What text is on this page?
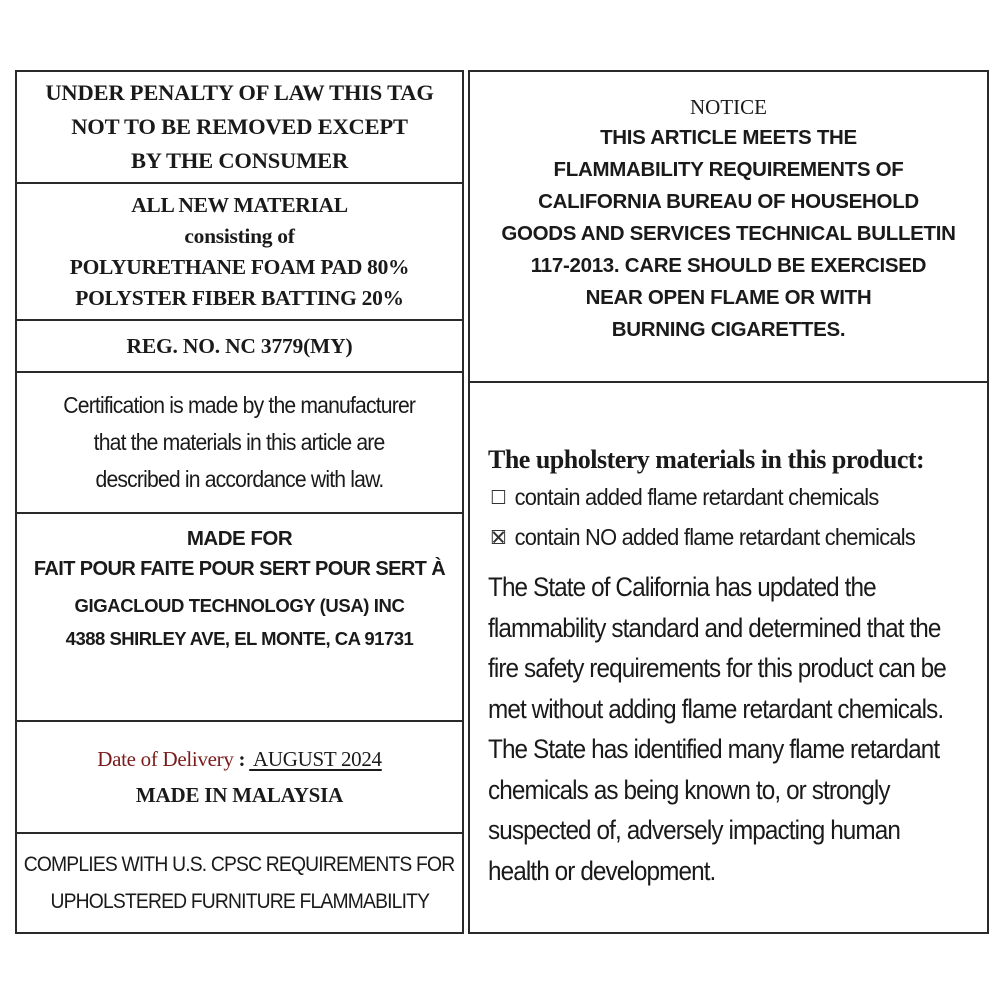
UNDER PENALTY OF LAW THIS TAG
NOT TO BE REMOVED EXCEPT
BY THE CONSUMER
ALL NEW MATERIAL
consisting of
POLYURETHANE FOAM PAD 80%
POLYSTER FIBER BATTING 20%
REG. NO. NC 3779(MY)
Certification is made by the manufacturer
that the materials in this article are
described in accordance with law.
MADE FOR
FAIT POUR FAITE POUR SERT POUR SERT À
GIGACLOUD TECHNOLOGY (USA) INC
4388 SHIRLEY AVE, EL MONTE, CA 91731
Date of Delivery : AUGUST 2024
MADE IN MALAYSIA
COMPLIES WITH U.S. CPSC REQUIREMENTS FOR
UPHOLSTERED FURNITURE FLAMMABILITY
NOTICE
THIS ARTICLE MEETS THE
FLAMMABILITY REQUIREMENTS OF
CALIFORNIA BUREAU OF HOUSEHOLD
GOODS AND SERVICES TECHNICAL BULLETIN
117-2013. CARE SHOULD BE EXERCISED
NEAR OPEN FLAME OR WITH
BURNING CIGARETTES.
The upholstery materials in this product:
contain added flame retardant chemicals
contain NO added flame retardant chemicals
The State of California has updated the
flammability standard and determined that the
fire safety requirements for this product can be
met without adding flame retardant chemicals.
The State has identified many flame retardant
chemicals as being known to, or strongly
suspected of, adversely impacting human
health or development.
